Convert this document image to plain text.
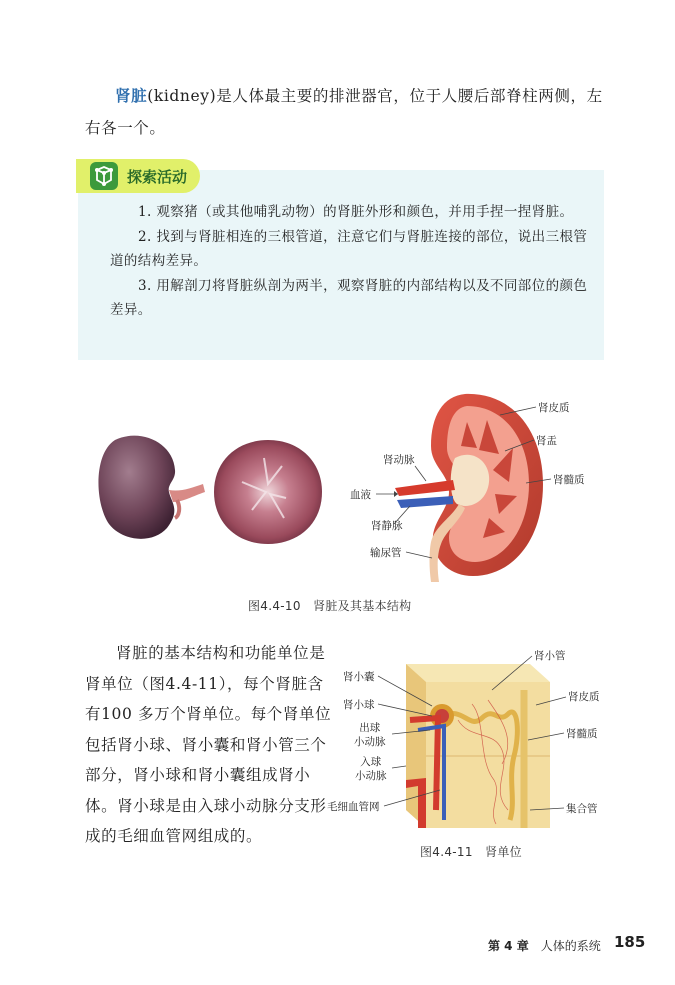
肾脏(kidney)是人体最主要的排泄器官，位于人腰后部脊柱两侧，左右各一个。
探索活动

1. 观察猪（或其他哺乳动物）的肾脏外形和颜色，并用手捏一捏肾脏。

2. 找到与肾脏相连的三根管道，注意它们与肾脏连接的部位，说出三根管道的结构差异。

3. 用解剖刀将肾脏纵剖为两半，观察肾脏的内部结构以及不同部位的颜色差异。

肾皮质
肾盂
肾动脉
肾髓质
血液
肾静脉
输尿管
图4.4-10　肾脏及其基本结构
肾脏的基本结构和功能单位是肾单位（图4.4-11），每个肾脏含有100 多万个肾单位。每个肾单位包括肾小球、肾小囊和肾小管三个部分，肾小球和肾小囊组成肾小体。肾小球是由入球小动脉分支形成的毛细血管网组成的。
肾小管
肾小囊
肾小球
肾皮质
出球
小动脉
肾髓质
入球
小动脉
毛细血管网	集合管
图4.4-11　肾单位
第 4 章　 人体的系统 185
